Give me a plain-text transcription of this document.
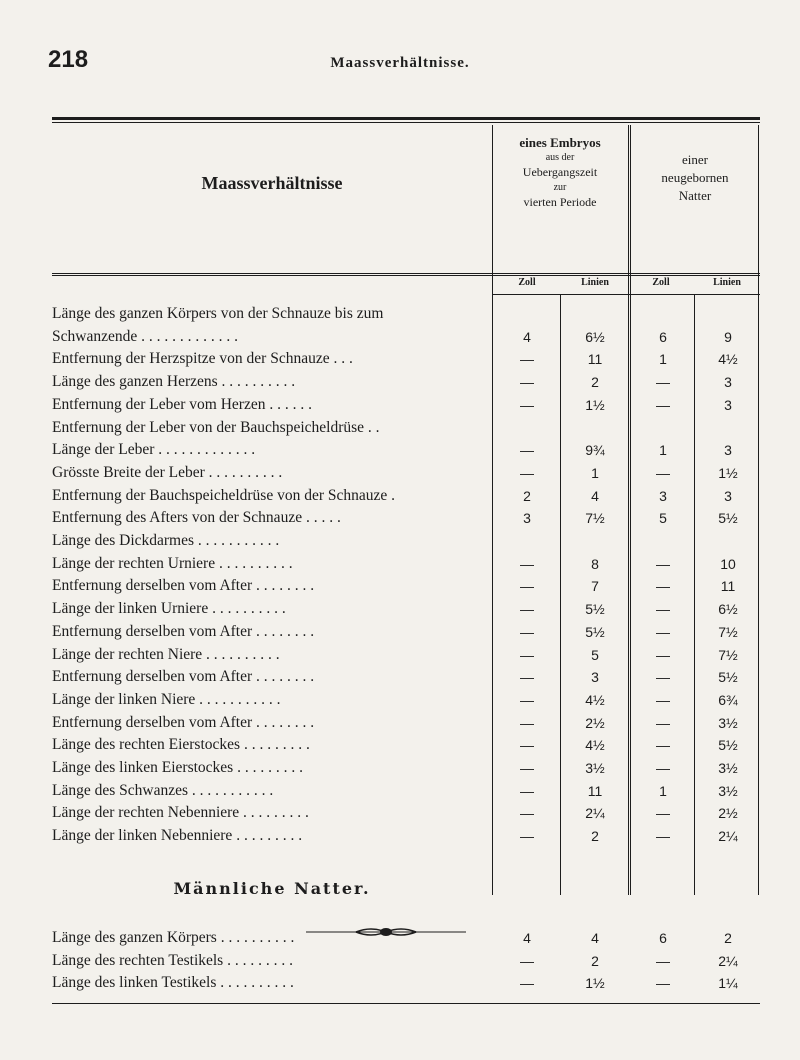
218	Maassverhältnisse.
Maassverhältnisse
eines Embryos
aus der
Uebergangszeit
zur
vierten Periode
einer
neugebornen
Natter
Zoll	Linien	Zoll	Linien
Länge des ganzen Körpers von der Schnauze bis zum
Schwanzende . . . . . . . . . . . . .	4	6½	6	9
Entfernung der Herzspitze von der Schnauze . . .	—	11	1	4½
Länge des ganzen Herzens . . . . . . . . . .	—	2	—	3
Entfernung der Leber vom Herzen . . . . . .	—	1½	—	3
Entfernung der Leber von der Bauchspeicheldrüse . .
Länge der Leber . . . . . . . . . . . . .	—	9¾	1	3
Grösste Breite der Leber . . . . . . . . . .	—	1	—	1½
Entfernung der Bauchspeicheldrüse von der Schnauze .	2	4	3	3
Entfernung des Afters von der Schnauze . . . . .	3	7½	5	5½
Länge des Dickdarmes . . . . . . . . . . .
Länge der rechten Urniere . . . . . . . . . .	—	8	—	10
Entfernung derselben vom After . . . . . . . .	—	7	—	11
Länge der linken Urniere . . . . . . . . . .	—	5½	—	6½
Entfernung derselben vom After . . . . . . . .	—	5½	—	7½
Länge der rechten Niere . . . . . . . . . .	—	5	—	7½
Entfernung derselben vom After . . . . . . . .	—	3	—	5½
Länge der linken Niere . . . . . . . . . . .	—	4½	—	6¾
Entfernung derselben vom After . . . . . . . .	—	2½	—	3½
Länge des rechten Eierstockes . . . . . . . . .	—	4½	—	5½
Länge des linken Eierstockes . . . . . . . . .	—	3½	—	3½
Länge des Schwanzes . . . . . . . . . . .	—	11	1	3½
Länge der rechten Nebenniere . . . . . . . . .	—	2¼	—	2½
Länge der linken Nebenniere . . . . . . . . .	—	2	—	2¼
Männliche Natter.
Länge des ganzen Körpers . . . . . . . . . .	4	4	6	2
Länge des rechten Testikels . . . . . . . . .	—	2	—	2¼
Länge des linken Testikels . . . . . . . . . .	—	1½	—	1¼
